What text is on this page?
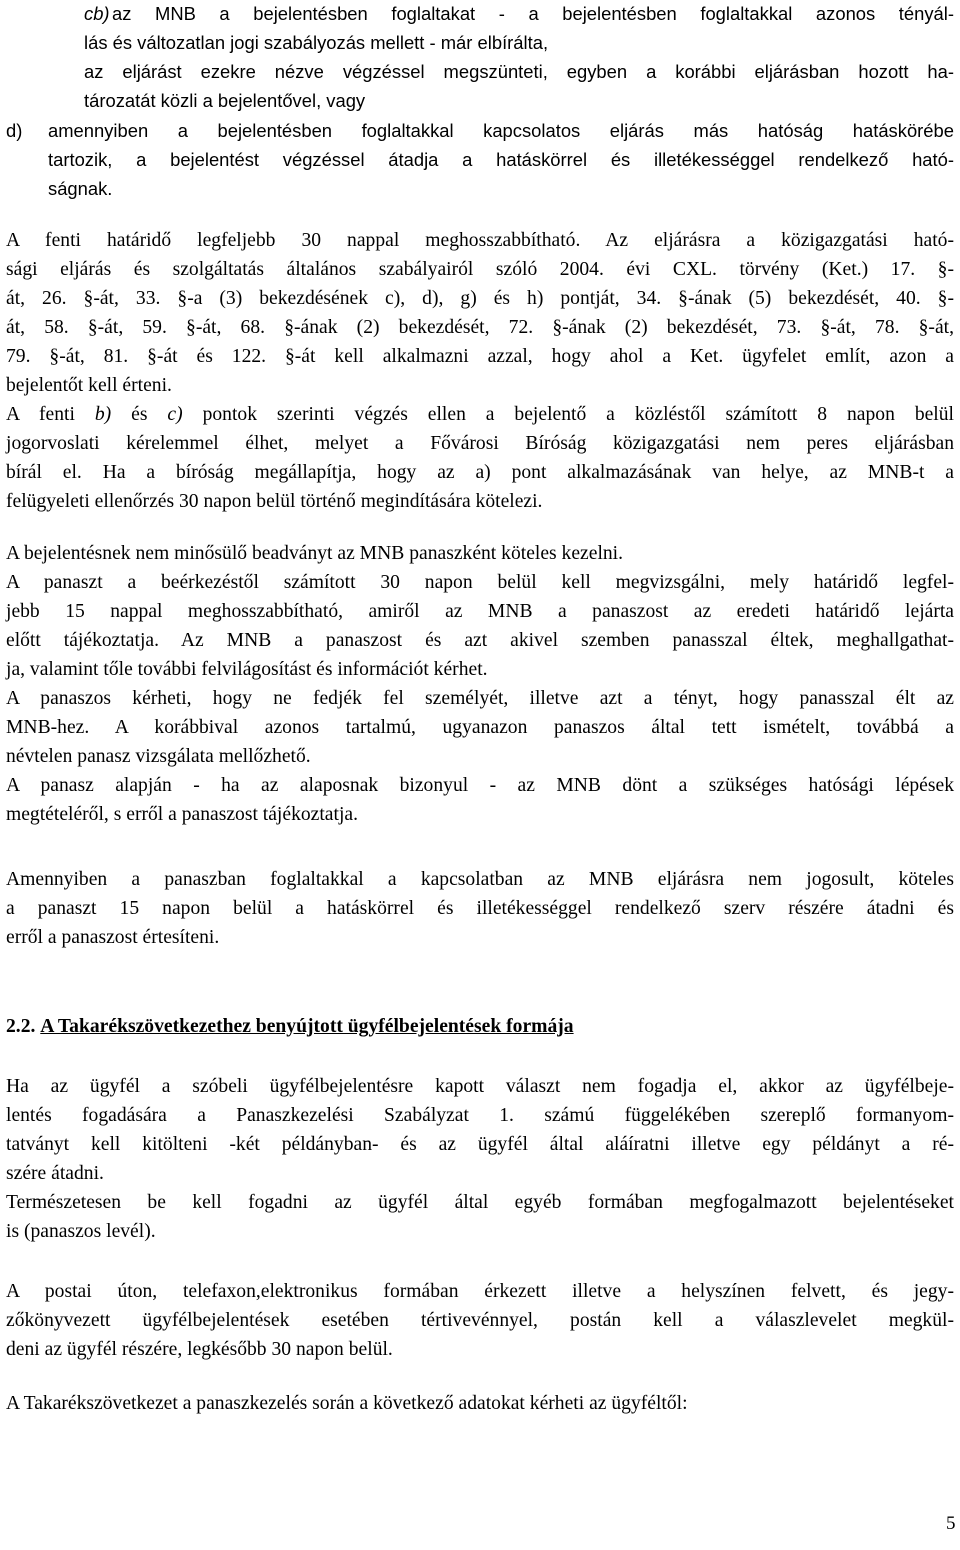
cb) az MNB a bejelentésben foglaltakat - a bejelentésben foglaltakkal azonos tényál-
lás és változatlan jogi szabályozás mellett - már elbírálta,
az eljárást ezekre nézve végzéssel megszünteti, egyben a korábbi eljárásban hozott ha-
tározatát közli a bejelentővel, vagy
d) amennyiben a bejelentésben foglaltakkal kapcsolatos eljárás más hatóság hatáskörébe
tartozik, a bejelentést végzéssel átadja a hatáskörrel és illetékességgel rendelkező ható-
ságnak.
A fenti határidő legfeljebb 30 nappal meghosszabbítható. Az eljárásra a közigazgatási ható-
sági eljárás és szolgáltatás általános szabályairól szóló 2004. évi CXL. törvény (Ket.) 17. §-
át, 26. §-át, 33. §-a (3) bekezdésének c), d), g) és h) pontját, 34. §-ának (5) bekezdését, 40. §-
át, 58. §-át, 59. §-át, 68. §-ának (2) bekezdését, 72. §-ának (2) bekezdését, 73. §-át, 78. §-át,
79. §-át, 81. §-át és 122. §-át kell alkalmazni azzal, hogy ahol a Ket. ügyfelet említ, azon a
bejelentőt kell érteni.
A fenti b) és c) pontok szerinti végzés ellen a bejelentő a közléstől számított 8 napon belül
jogorvoslati kérelemmel élhet, melyet a Fővárosi Bíróság közigazgatási nem peres eljárásban
bírál el. Ha a bíróság megállapítja, hogy az a) pont alkalmazásának van helye, az MNB-t a
felügyeleti ellenőrzés 30 napon belül történő megindítására kötelezi.
A bejelentésnek nem minősülő beadványt az MNB panaszként köteles kezelni.
A panaszt a beérkezéstől számított 30 napon belül kell megvizsgálni, mely határidő legfel-
jebb 15 nappal meghosszabbítható, amiről az MNB a panaszost az eredeti határidő lejárta
előtt tájékoztatja. Az MNB a panaszost és azt akivel szemben panasszal éltek, meghallgathat-
ja, valamint tőle további felvilágosítást és információt kérhet.
A panaszos kérheti, hogy ne fedjék fel személyét, illetve azt a tényt, hogy panasszal élt az
MNB-hez. A korábbival azonos tartalmú, ugyanazon panaszos által tett ismételt, továbbá a
névtelen panasz vizsgálata mellőzhető.
A panasz alapján - ha az alaposnak bizonyul - az MNB dönt a szükséges hatósági lépések
megtételéről, s erről a panaszost tájékoztatja.
Amennyiben a panaszban foglaltakkal a kapcsolatban az MNB eljárásra nem jogosult, köteles
a panaszt 15 napon belül a hatáskörrel és illetékességgel rendelkező szerv részére átadni és
erről a panaszost értesíteni.
2.2. A Takarékszövetkezethez benyújtott ügyfélbejelentések formája
Ha az ügyfél a szóbeli ügyfélbejelentésre kapott választ nem fogadja el, akkor az ügyfélbeje-
lentés fogadására a Panaszkezelési Szabályzat 1. számú függelékében szereplő formanyom-
tatványt kell kitölteni -két példányban- és az ügyfél által aláíratni illetve egy példányt a ré-
szére átadni.
Természetesen be kell fogadni az ügyfél által egyéb formában megfogalmazott bejelentéseket
is (panaszos levél).
A postai úton, telefaxon,elektronikus formában érkezett illetve a helyszínen felvett, és jegy-
zőkönyvezett ügyfélbejelentések esetében tértivevénnyel, postán kell a válaszlevelet megkül-
deni az ügyfél részére, legkésőbb 30 napon belül.
A Takarékszövetkezet a panaszkezelés során a következő adatokat kérheti az ügyféltől:
5
